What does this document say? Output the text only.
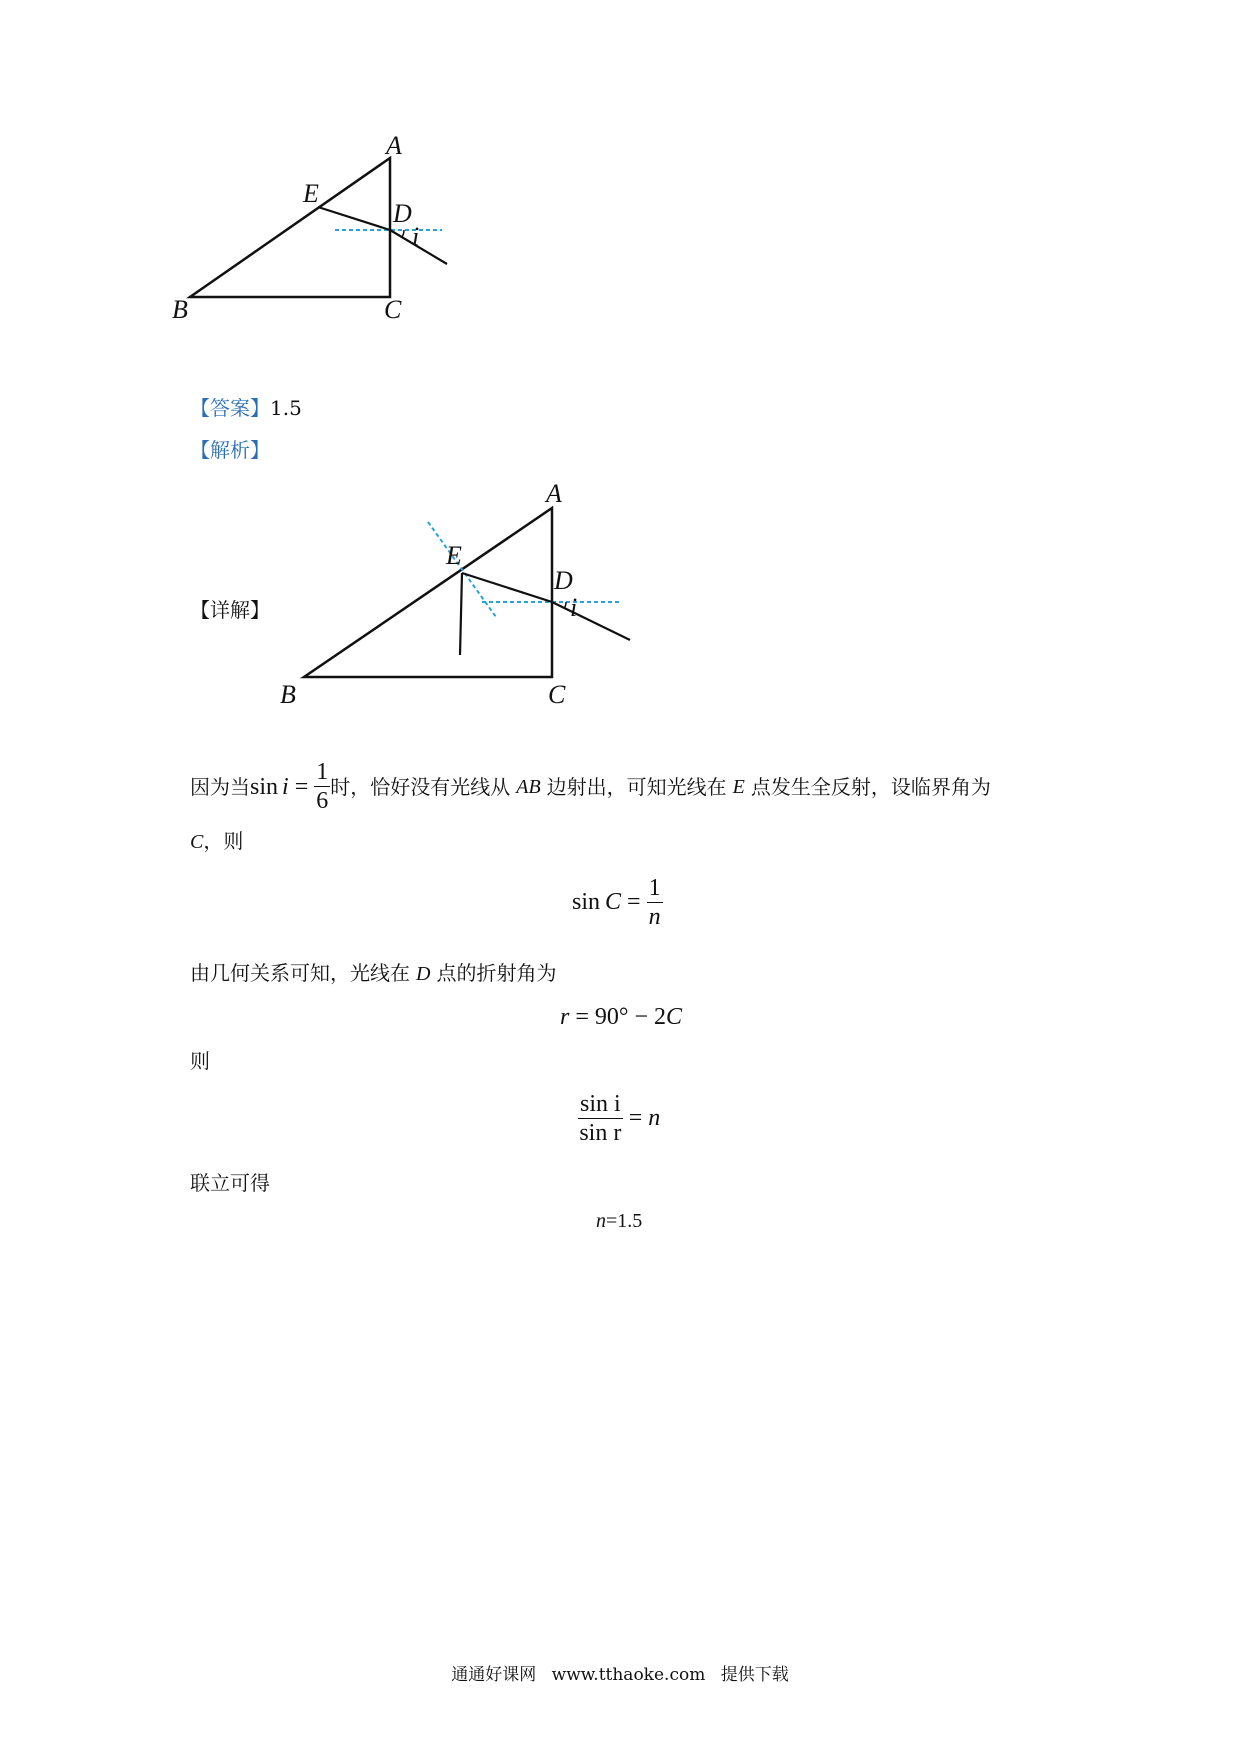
A
E
D
i
B	C
【答案】1.5
【解析】
【详解】
A
E
D
i
B	C
因为当 $\sin i = \frac{1}{6}$ 时，恰好没有光线从 AB 边射出，可知光线在 E 点发生全反射，设临界角为
C，则
$\sin C = \frac{1}{n}$
由几何关系可知，光线在 D 点的折射角为
r = 90° − 2 C
则
$\frac{\text{sin i}}{\text{sin r}} = n$
联立可得
n=1.5
通通好课网 www.tthaoke.com 提供下载
